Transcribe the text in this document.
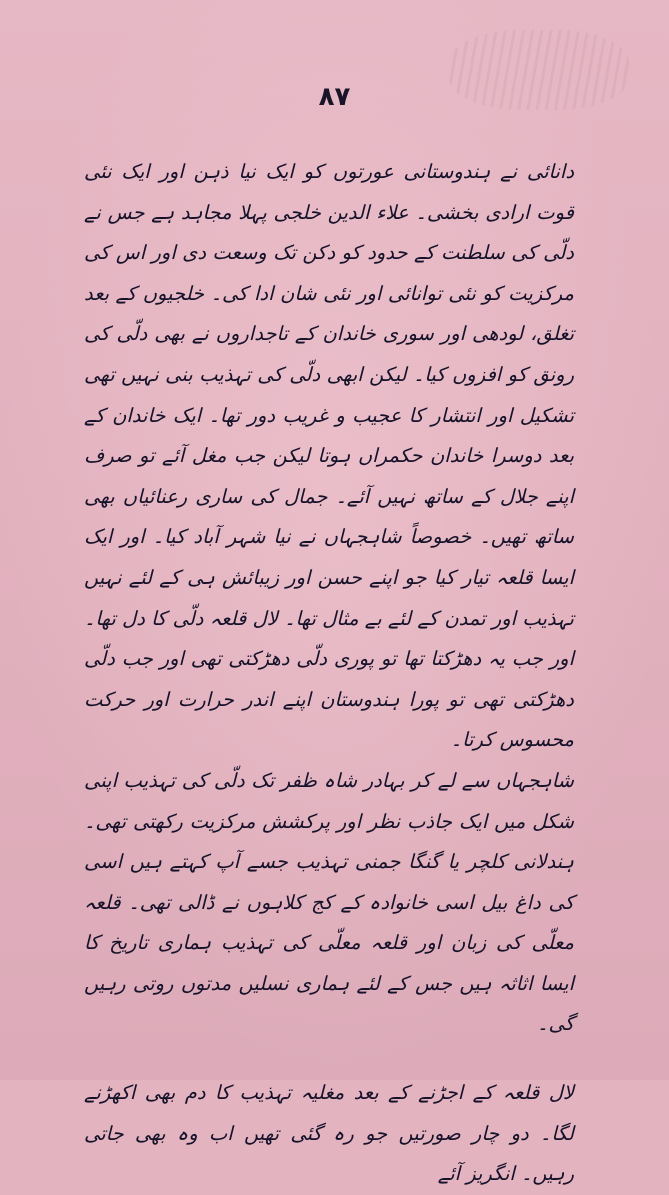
۸۷

دانائی نے ہندوستانی عورتوں کو ایک نیا ذہن اور ایک نئی قوت ارادی بخشی۔ علاء الدین خلجی پہلا مجاہد ہے جس نے دلّی کی سلطنت کے حدود کو دکن تک وسعت دی اور اس کی مرکزیت کو نئی توانائی اور نئی شان ادا کی۔ خلجیوں کے بعد تغلق، لودھی اور سوری خاندان کے تاجداروں نے بھی دلّی کی رونق کو افزوں کیا۔ لیکن ابھی دلّی کی تہذیب بنی نہیں تھی تشکیل اور انتشار کا عجیب و غریب دور تھا۔ ایک خاندان کے بعد دوسرا خاندان حکمراں ہوتا لیکن جب مغل آئے تو صرف اپنے جلال کے ساتھ نہیں آئے۔ جمال کی ساری رعنائیاں بھی ساتھ تھیں۔ خصوصاً شاہجہاں نے نیا شہر آباد کیا۔ اور ایک ایسا قلعہ تیار کیا جو اپنے حسن اور زیبائش ہی کے لئے نہیں تہذیب اور تمدن کے لئے بے مثال تھا۔ لال قلعہ دلّی کا دل تھا۔ اور جب یہ دھڑکتا تھا تو پوری دلّی دھڑکتی تھی اور جب دلّی دھڑکتی تھی تو پورا ہندوستان اپنے اندر حرارت اور حرکت محسوس کرتا۔

شاہجہاں سے لے کر بہادر شاہ ظفر تک دلّی کی تہذیب اپنی شکل میں ایک جاذب نظر اور پرکشش مرکزیت رکھتی تھی۔ ہندلانی کلچر یا گنگا جمنی تہذیب جسے آپ کہتے ہیں اسی کی داغ بیل اسی خانوادہ کے کج کلاہوں نے ڈالی تھی۔ قلعہ معلّی کی زبان اور قلعہ معلّی کی تہذیب ہماری تاریخ کا ایسا اثاثہ ہیں جس کے لئے ہماری نسلیں مدتوں روتی رہیں گی۔

لال قلعہ کے اجڑنے کے بعد مغلیہ تہذیب کا دم بھی اکھڑنے لگا۔ دو چار صورتیں جو رہ گئی تھیں اب وہ بھی جاتی رہیں۔ انگریز آئے
